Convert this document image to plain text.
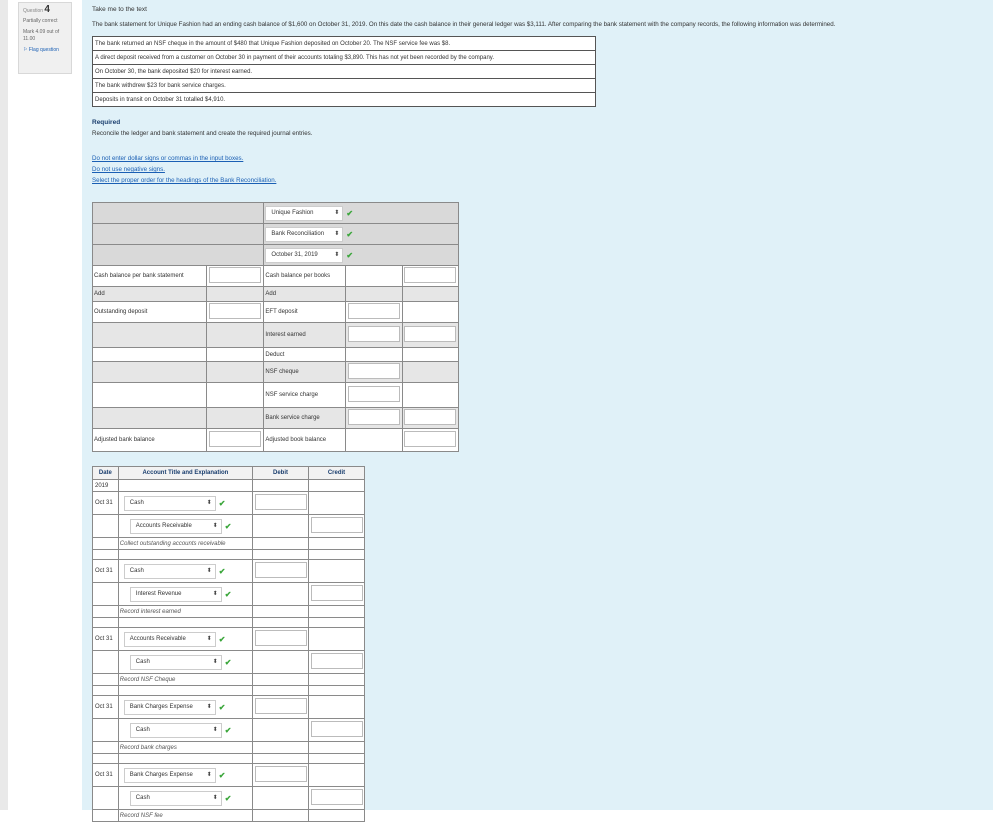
Question 4
Partially correct
Mark 4.09 out of 11.00
⚐ Flag question
Take me to the text
The bank statement for Unique Fashion had an ending cash balance of $1,600 on October 31, 2019. On this date the cash balance in their general ledger was $3,111. After comparing the bank statement with the company records, the following information was determined.
The bank returned an NSF cheque in the amount of $480 that Unique Fashion deposited on October 20. The NSF service fee was $8.
A direct deposit received from a customer on October 30 in payment of their accounts totaling $3,890. This has not yet been recorded by the company.
On October 30, the bank deposited $20 for interest earned.
The bank withdrew $23 for bank service charges.
Deposits in transit on October 31 totalled $4,910.
Required
Reconcile the ledger and bank statement and create the required journal entries.
Do not enter dollar signs or commas in the input boxes.
Do not use negative signs.
Select the proper order for the headings of the Bank Reconciliation.
		Unique Fashion ⬍ ✔		
		Bank Reconciliation ⬍ ✔		
		October 31, 2019 ⬍ ✔		
Cash balance per bank statement		Cash balance per books		
Add		Add		
Outstanding deposit		EFT deposit		
		Interest earned		
		Deduct		
		NSF cheque		
		NSF service charge		
		Bank service charge		
Adjusted bank balance		Adjusted book balance		
Date	Account Title and Explanation	Debit	Credit
2019			
Oct 31	Cash ⬍ ✔		
	Accounts Receivable ⬍ ✔		
	Collect outstanding accounts receivable		

Oct 31	Cash ⬍ ✔		
	Interest Revenue ⬍ ✔		
	Record interest earned		

Oct 31	Accounts Receivable ⬍ ✔		
	Cash ⬍ ✔		
	Record NSF Cheque		

Oct 31	Bank Charges Expense ⬍ ✔		
	Cash ⬍ ✔		
	Record bank charges		

Oct 31	Bank Charges Expense ⬍ ✔		
	Cash ⬍ ✔		
	Record NSF fee		
